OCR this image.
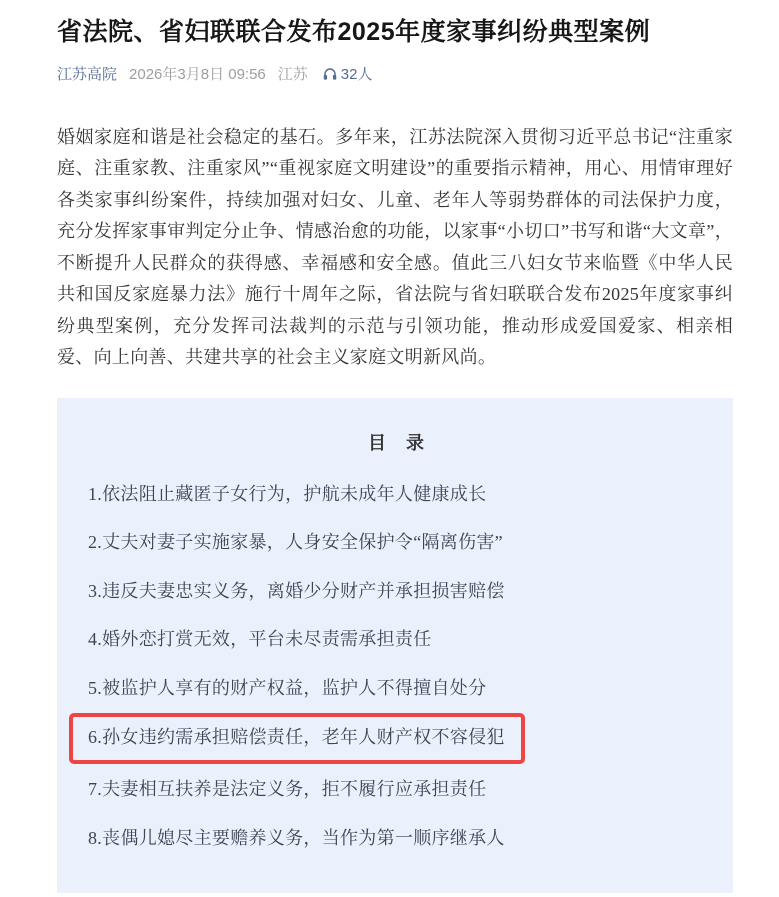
省法院、省妇联联合发布2025年度家事纠纷典型案例
江苏高院 2026年3月8日 09:56 江苏 32人

婚姻家庭和谐是社会稳定的基石。多年来，江苏法院深入贯彻习近平总书记“注重家庭、注重家教、注重家风”“重视家庭文明建设”的重要指示精神，用心、用情审理好各类家事纠纷案件，持续加强对妇女、儿童、老年人等弱势群体的司法保护力度，充分发挥家事审判定分止争、情感治愈的功能，以家事“小切口”书写和谐“大文章”，不断提升人民群众的获得感、幸福感和安全感。值此三八妇女节来临暨《中华人民共和国反家庭暴力法》施行十周年之际，省法院与省妇联联合发布2025年度家事纠纷典型案例，充分发挥司法裁判的示范与引领功能，推动形成爱国爱家、相亲相爱、向上向善、共建共享的社会主义家庭文明新风尚。

目　录
1.依法阻止藏匿子女行为，护航未成年人健康成长
2.丈夫对妻子实施家暴，人身安全保护令“隔离伤害”
3.违反夫妻忠实义务，离婚少分财产并承担损害赔偿
4.婚外恋打赏无效，平台未尽责需承担责任
5.被监护人享有的财产权益，监护人不得擅自处分
6.孙女违约需承担赔偿责任，老年人财产权不容侵犯
7.夫妻相互扶养是法定义务，拒不履行应承担责任
8.丧偶儿媳尽主要赡养义务，当作为第一顺序继承人
